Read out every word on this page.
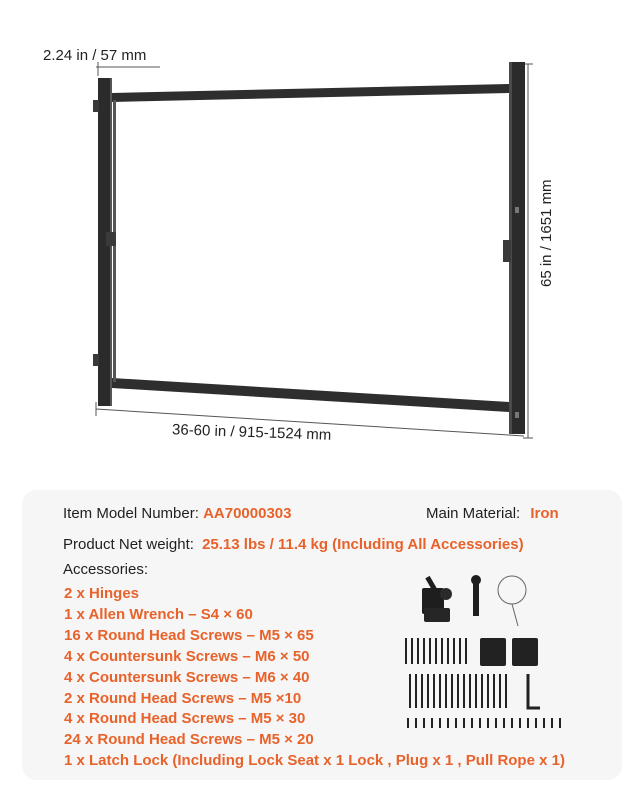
2.24 in / 57 mm
65 in / 1651 mm
36-60 in / 915-1524 mm
Item Model Number: AA70000303	Main Material: Iron
Product Net weight: 25.13 lbs / 11.4 kg (Including All Accessories)
Accessories:
2 x Hinges
1 x Allen Wrench – S4 × 60
16 x Round Head Screws – M5 × 65
4 x Countersunk Screws – M6 × 50
4 x Countersunk Screws – M6 × 40
2 x Round Head Screws – M5 ×10
4 x Round Head Screws – M5 × 30
24 x Round Head Screws – M5 × 20
1 x Latch Lock (Including Lock Seat x 1 Lock , Plug x 1 , Pull Rope x 1)
